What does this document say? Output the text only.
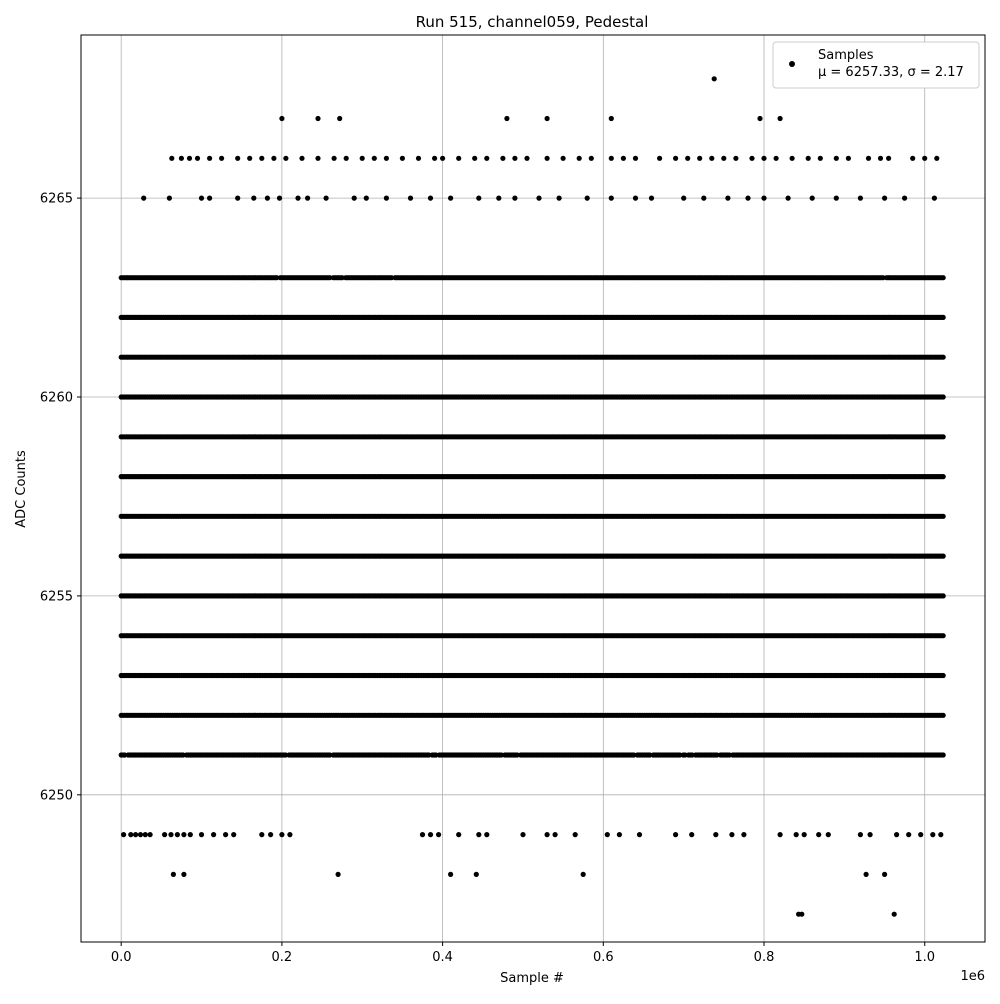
Run 515, channel059, Pedestal
0.0	0.2	0.4	0.6	0.8	1.0
6250
6255
6260
6265
1e6
Sample #
ADC Counts
Samples
μ = 6257.33, σ = 2.17
